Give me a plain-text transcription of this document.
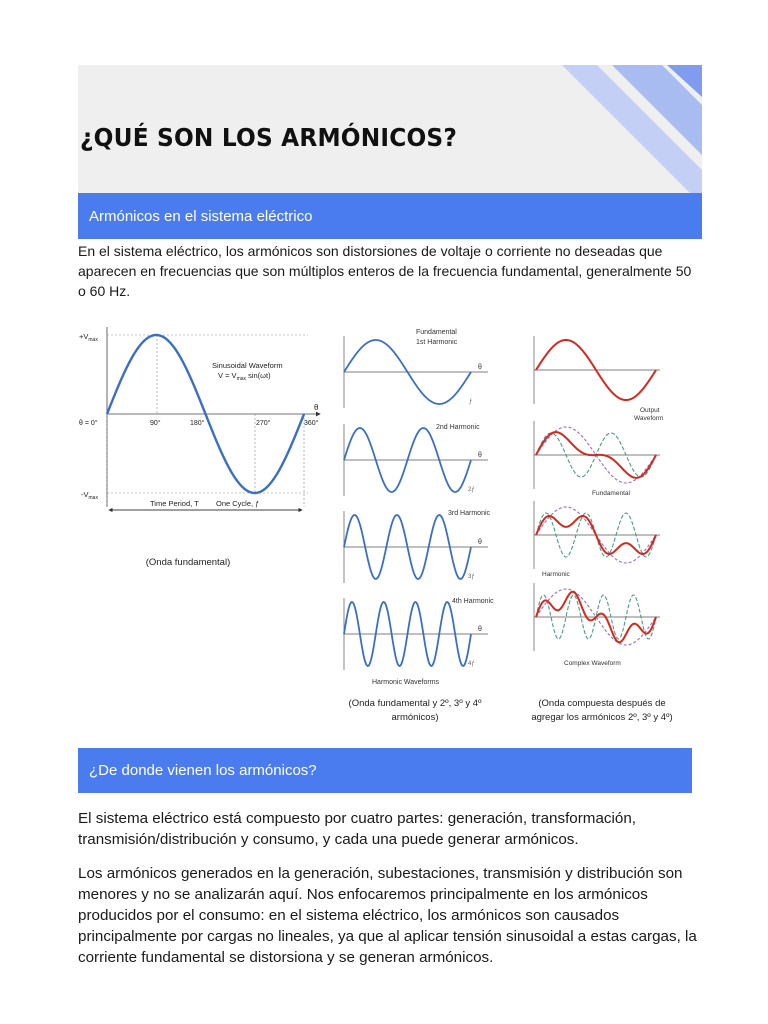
¿QUÉ SON LOS ARMÓNICOS?
Armónicos en el sistema eléctrico

En el sistema eléctrico, los armónicos son distorsiones de voltaje o corriente no deseadas que aparecen en frecuencias que son múltiplos enteros de la frecuencia fundamental, generalmente 50 o 60 Hz.

$+V_{max}$
$-V_{max}$
Sinusoidal Waveform
$V = V_{max}$ sin(ωt)
θ
θ = 0°	90°	180°	270°	360°
Time Period, T One Cycle, ƒ
(Onda fundamental)
Fundamental
1st Harmonic
2nd Harmonic
3rd Harmonic
4th Harmonic
θ
θ
θ
θ
ƒ
2ƒ
3ƒ
4ƒ
Harmonic Waveforms
(Onda fundamental y 2º, 3º y 4º
armónicos)
Output
Waveform
Fundamental
Harmonic
Complex Waveform
(Onda compuesta después de
agregar los armónicos 2º, 3º y 4º)
¿De donde vienen los armónicos?

El sistema eléctrico está compuesto por cuatro partes: generación, transformación, transmisión/distribución y consumo, y cada una puede generar armónicos.

Los armónicos generados en la generación, subestaciones, transmisión y distribución son menores y no se analizarán aquí. Nos enfocaremos principalmente en los armónicos producidos por el consumo: en el sistema eléctrico, los armónicos son causados principalmente por cargas no lineales, ya que al aplicar tensión sinusoidal a estas cargas, la corriente fundamental se distorsiona y se generan armónicos.
